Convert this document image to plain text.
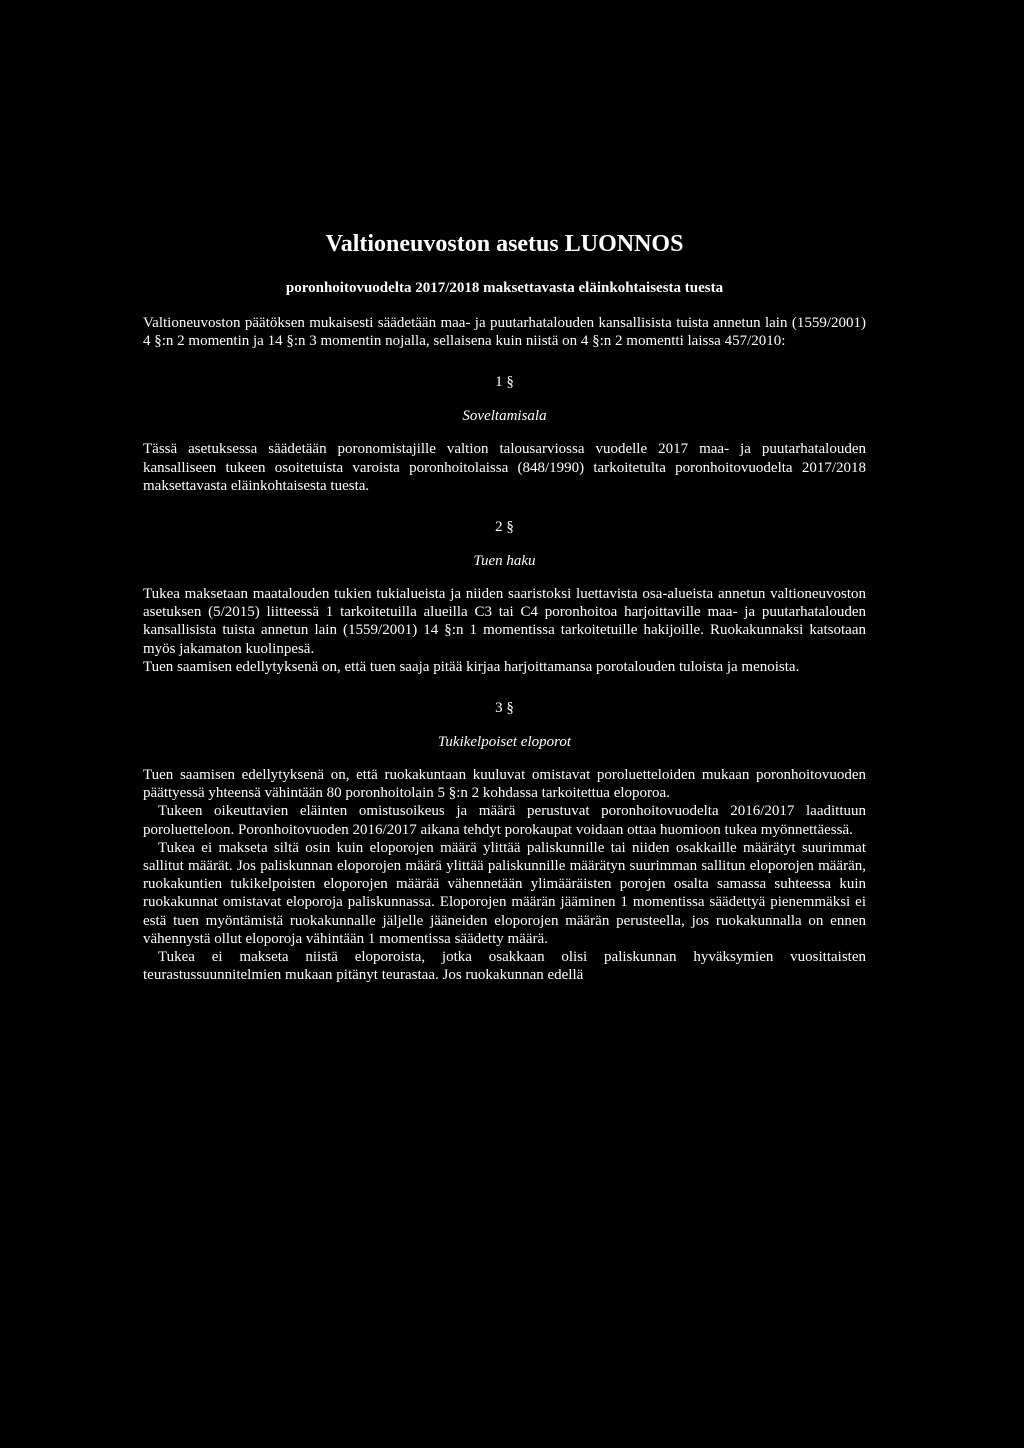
Valtioneuvoston asetus LUONNOS
poronhoitovuodelta 2017/2018 maksettavasta eläinkohtaisesta tuesta

Valtioneuvoston päätöksen mukaisesti säädetään maa- ja puutarhatalouden kansallisista tuista annetun lain (1559/2001) 4 §:n 2 momentin ja 14 §:n 3 momentin nojalla, sellaisena kuin niistä on 4 §:n 2 momentti laissa 457/2010:

1 §
Soveltamisala

Tässä asetuksessa säädetään poronomistajille valtion talousarviossa vuodelle 2017 maa- ja puutarhatalouden kansalliseen tukeen osoitetuista varoista poronhoitolaissa (848/1990) tarkoitetulta poronhoitovuodelta 2017/2018 maksettavasta eläinkohtaisesta tuesta.

2 §
Tuen haku

Tukea maksetaan maatalouden tukien tukialueista ja niiden saaristoksi luettavista osa-alueista annetun valtioneuvoston asetuksen (5/2015) liitteessä 1 tarkoitetuilla alueilla C3 tai C4 poronhoitoa harjoittaville maa- ja puutarhatalouden kansallisista tuista annetun lain (1559/2001) 14 §:n 1 momentissa tarkoitetuille hakijoille. Ruokakunnaksi katsotaan myös jakamaton kuolinpesä.

Tuen saamisen edellytyksenä on, että tuen saaja pitää kirjaa harjoittamansa porotalouden tuloista ja menoista.

3 §
Tukikelpoiset eloporot

Tuen saamisen edellytyksenä on, että ruokakuntaan kuuluvat omistavat poroluetteloiden mukaan poronhoitovuoden päättyessä yhteensä vähintään 80 poronhoitolain 5 §:n 2 kohdassa tarkoitettua eloporoa.

Tukeen oikeuttavien eläinten omistusoikeus ja määrä perustuvat poronhoitovuodelta 2016/2017 laadittuun poroluetteloon. Poronhoitovuoden 2016/2017 aikana tehdyt porokaupat voidaan ottaa huomioon tukea myönnettäessä.

Tukea ei makseta siltä osin kuin eloporojen määrä ylittää paliskunnille tai niiden osakkaille määrätyt suurimmat sallitut määrät. Jos paliskunnan eloporojen määrä ylittää paliskunnille määrätyn suurimman sallitun eloporojen määrän, ruokakuntien tukikelpoisten eloporojen määrää vähennetään ylimääräisten porojen osalta samassa suhteessa kuin ruokakunnat omistavat eloporoja paliskunnassa. Eloporojen määrän jääminen 1 momentissa säädettyä pienemmäksi ei estä tuen myöntämistä ruokakunnalle jäljelle jääneiden eloporojen määrän perusteella, jos ruokakunnalla on ennen vähennystä ollut eloporoja vähintään 1 momentissa säädetty määrä.

Tukea ei makseta niistä eloporoista, jotka osakkaan olisi paliskunnan hyväksymien vuosittaisten teurastussuunnitelmien mukaan pitänyt teurastaa. Jos ruokakunnan edellä
